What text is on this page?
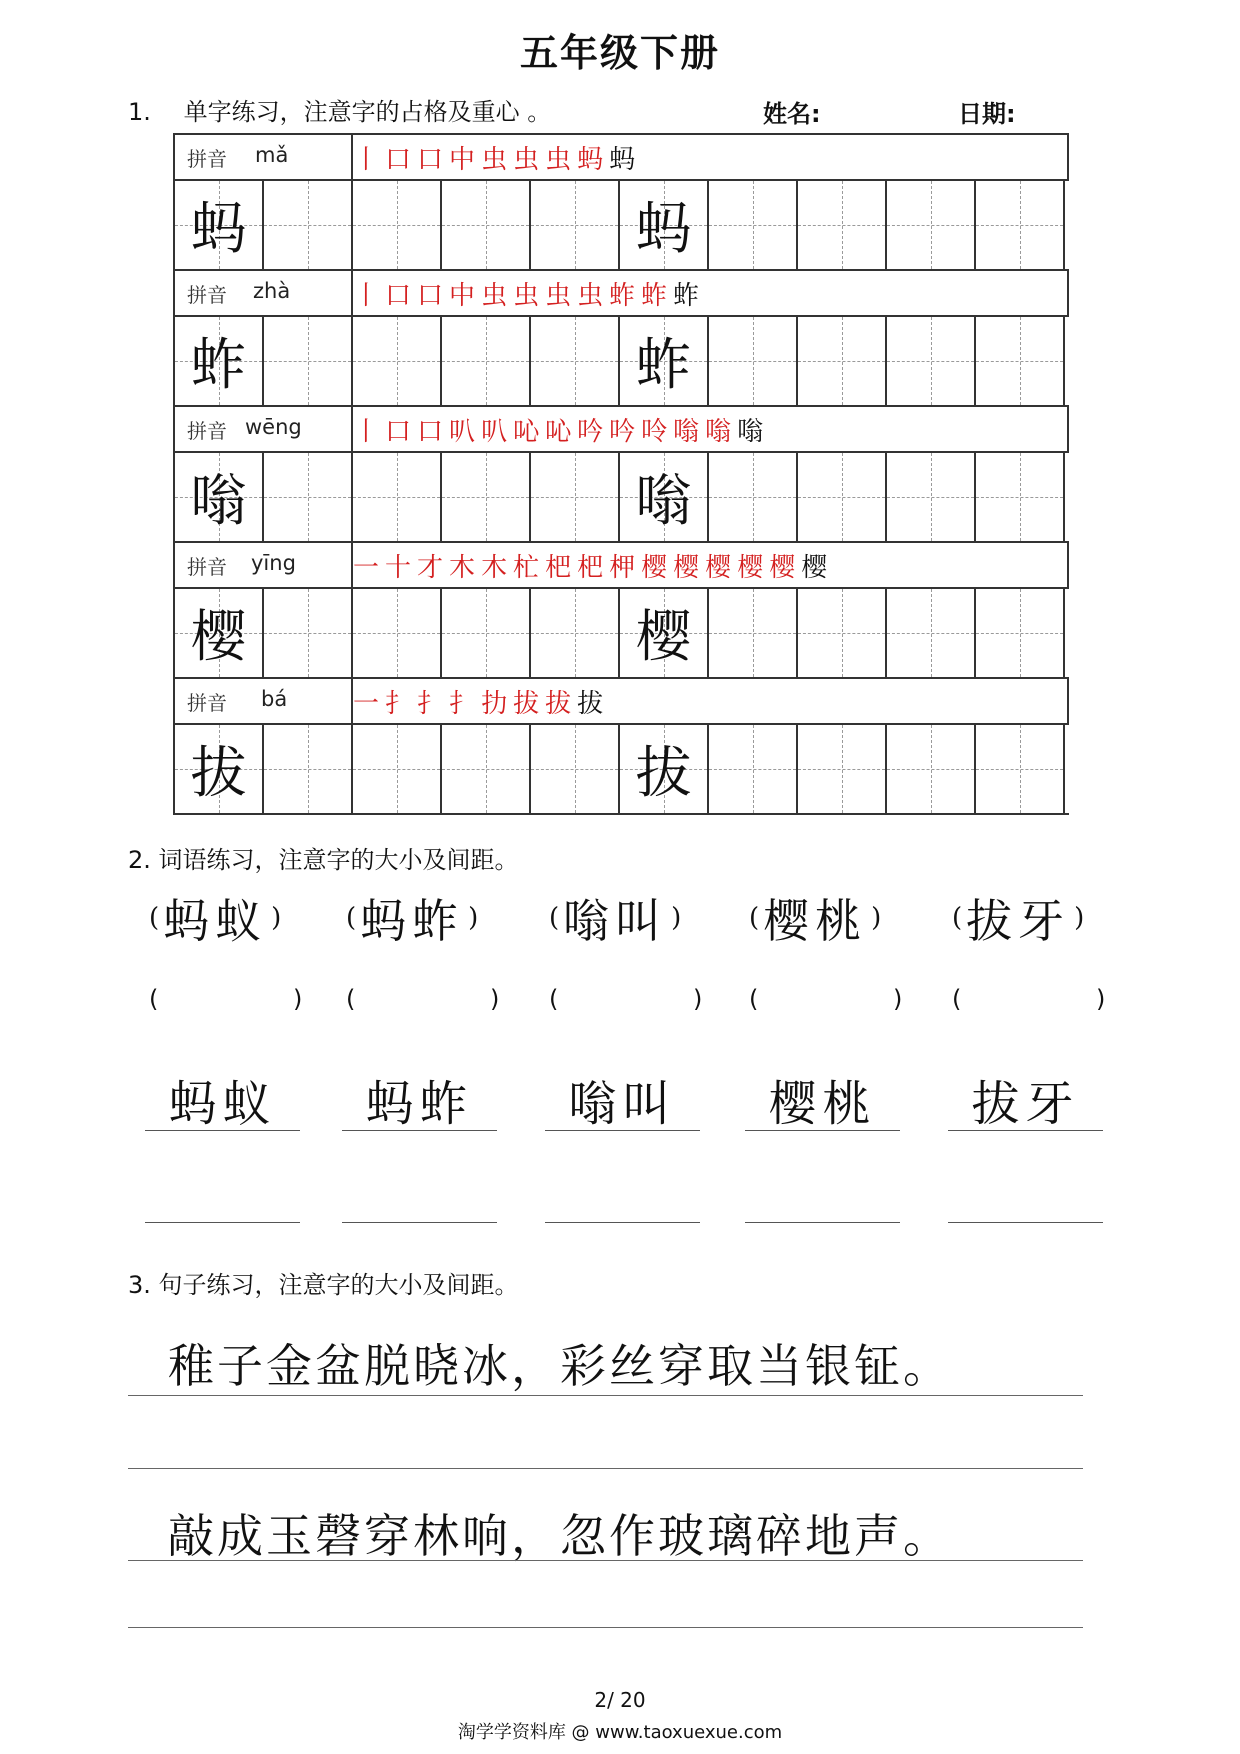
五年级下册
1. 单字练习，注意字的占格及重心 。	姓名:	日期:
拼音 mǎ 丨 口 口 中 虫 虫 虫 蚂 蚂
蚂	蚂
拼音 zhà 丨 口 口 中 虫 虫 虫 虫 蚱 蚱 蚱
蚱	蚱
拼音 wēng 丨 口 口 叭 叭 吣 吣 吟 吟 呤 嗡 嗡 嗡
嗡	嗡
拼音 yīng 一 十 才 木 木 杧 杷 杷 柙 樱 樱 樱 樱 樱 樱
樱	樱
拼音 bá	一 扌 扌 扌 扐 拔 拔 拔
拔	拔
2. 词语练习，注意字的大小及间距。
( 蚂蚁 )
(	)
蚂蚁
( 蚂蚱 )
(	)
蚂蚱
( 嗡叫 )
(	)
嗡叫
( 樱桃 )
(	)
樱桃
( 拔牙 )
(	)
拔牙
3. 句子练习，注意字的大小及间距。
稚子金盆脱晓冰，彩丝穿取当银钲。
敲成玉磬穿林响，忽作玻璃碎地声。
2/ 20
淘学学资料库 @ www.taoxuexue.com
